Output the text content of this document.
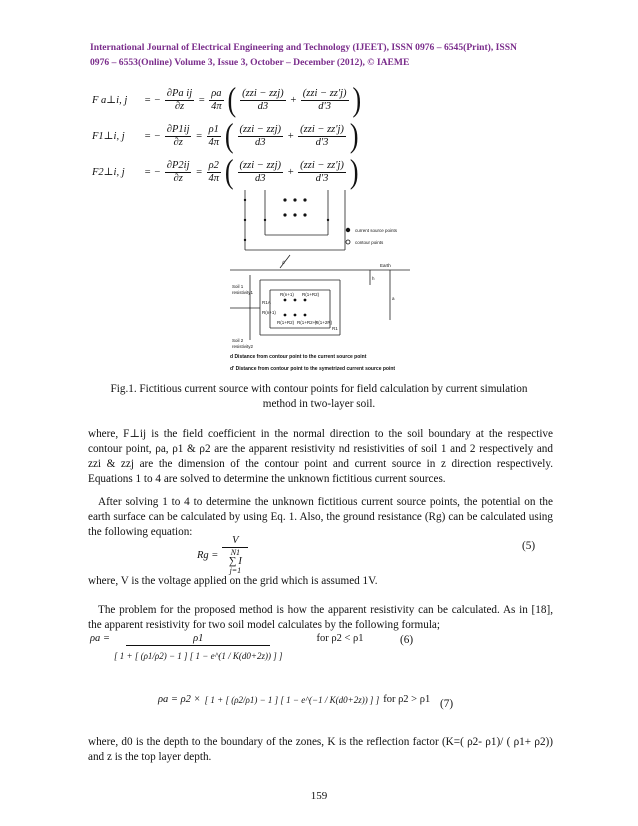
International Journal of Electrical Engineering and Technology (IJEET), ISSN 0976 – 6545(Print), ISSN
0976 – 6553(Online) Volume 3, Issue 3, October – December (2012), © IAEME
F a⊥i, j	= − $\frac{\text{∂Pa ij}}{\partial z} = \frac{\rho a}{4\pi}$ ( $\frac{\text{(zzi − zzj)}}{d3} + \frac{\text{(zzi − zz'j)}}{d'3}$ )
F1⊥i, j	= − $\frac{\partial P1ij}{\partial z} = \frac{\rho 1}{4\pi}$ ( $\frac{\text{(zzi − zzj)}}{d3} + \frac{\text{(zzi − zz'j)}}{d'3}$ )
F2⊥i, j	= − $\frac{\partial P2ij}{\partial z} = \frac{\rho 2}{4\pi}$ ( $\frac{\text{(zzi − zzj)}}{d3} + \frac{\text{(zzi − zz'j)}}{d'3}$ )
current source points
contour points
Earth
h
a
d
Soil 1
resistivity1
Soil 2
resistivity2
R(n+1) R(1+R2)
R1A
R(n+1)
R(1+R2) R(1+R2+)
R(1+2R)
R1
d Distance from contour point to the current source point
d' Distance from contour point to the symetrized current source point
Fig.1. Fictitious current source with contour points for field calculation by current simulation
method in two-layer soil.
where, F⊥ij is the field coefficient in the normal direction to the soil boundary at the respective contour point, ρa, ρ1 & ρ2 are the apparent resistivity nd resistivities of soil 1 and 2 respectively and zzi & zzj are the dimension of the contour point and current source in z direction respectively. Equations 1 to 4 are solved to determine the unknown fictitious current sources.
After solving 1 to 4 to determine the unknown fictitious current source points, the potential on the earth surface can be calculated by using Eq. 1. Also, the ground resistance (Rg) can be calculated using the following equation:
Rg = V
N1
∑ I
j=1	(5)
where, V is the voltage applied on the grid which is assumed 1V.
The problem for the proposed method is how the apparent resistivity can be calculated. As in [18], the apparent resistivity for two soil model calculates by the following formula;
$\rho a = \frac{\rho 1}{[ 1 + [ (\rho 1/\rho 2) - 1 ] [ 1 - e\^{}(1 / K(d0+2z)) ] ]}$	for ρ2 < ρ1	(6)
ρa = ρ2 × [ 1 + [ (ρ2/ρ1) − 1 ] [ 1 − e^(−1 / K(d0+2z)) ] ] for ρ2 > ρ1 (7)
where, d0 is the depth to the boundary of the zones, K is the reflection factor (K=( ρ2- ρ1)/ ( ρ1+ ρ2)) and z is the top layer depth.
159
